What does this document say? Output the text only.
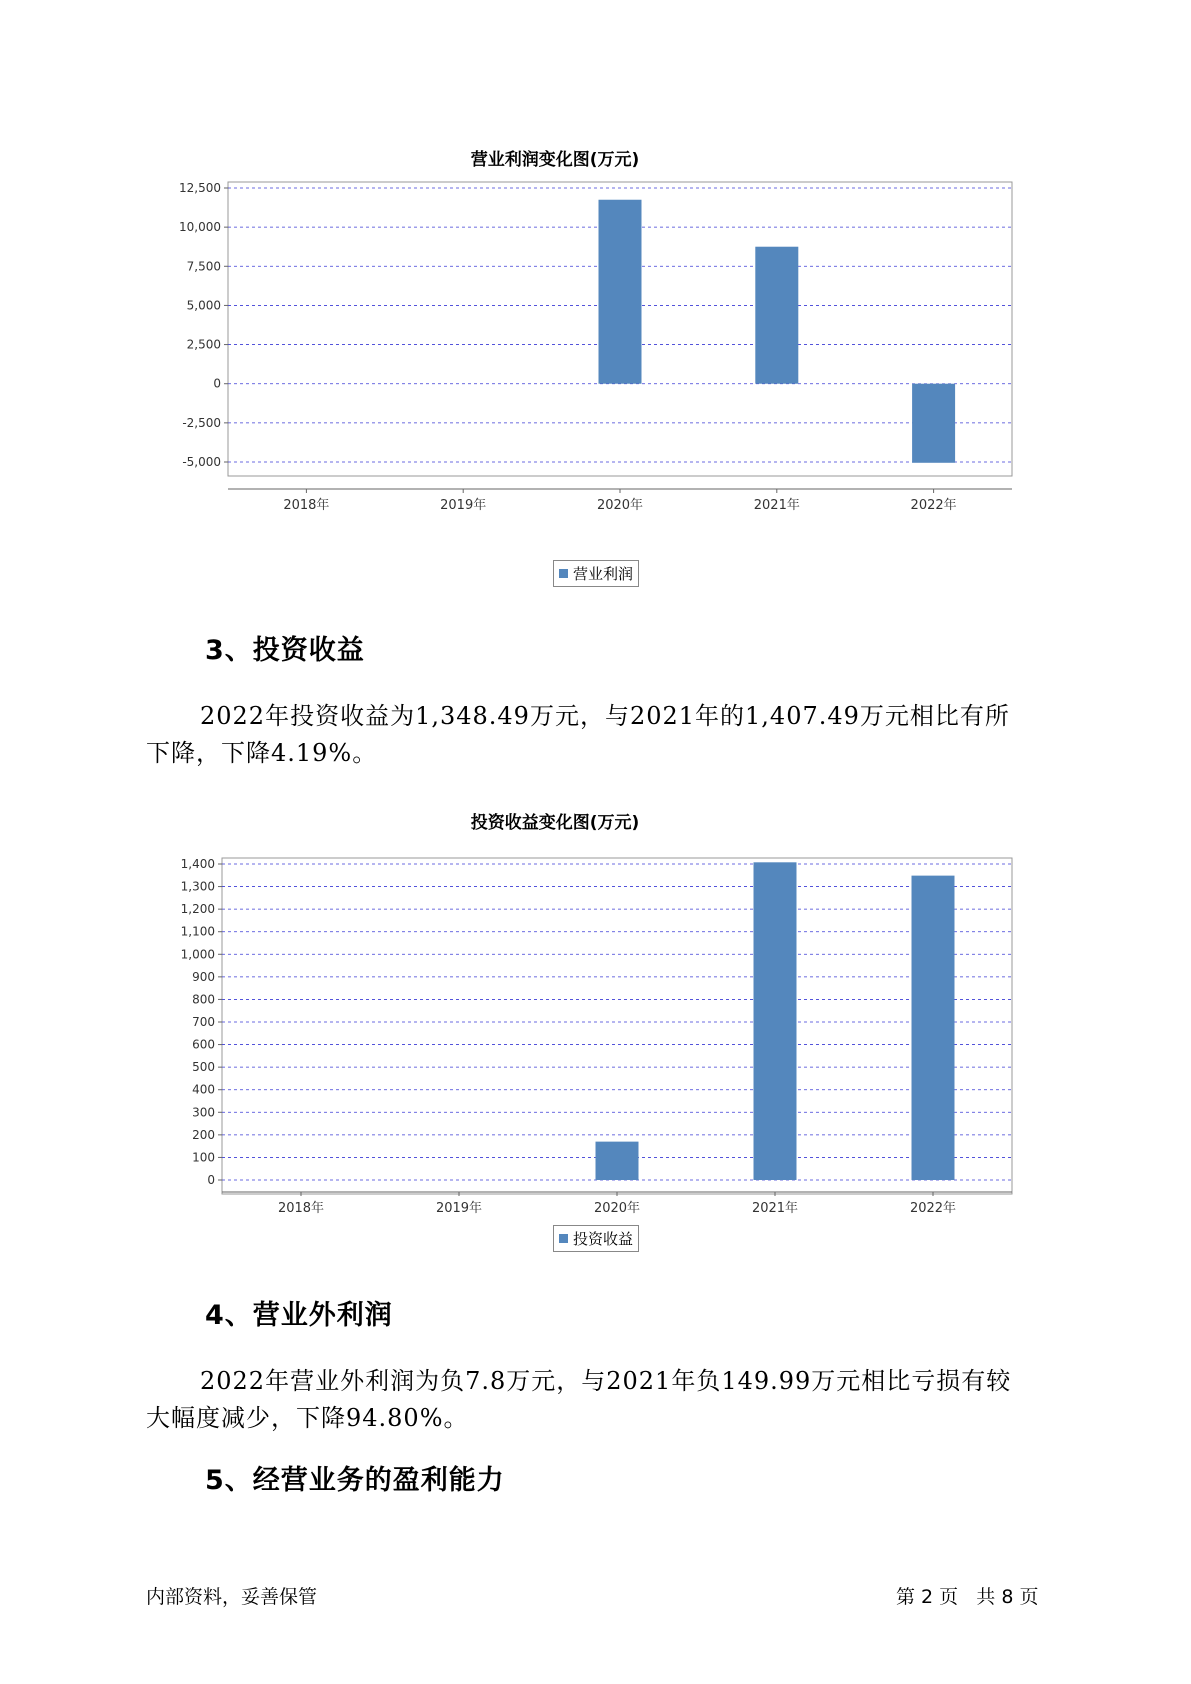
营业利润变化图(万元)
12,500
10,000
7,500
5,000
2,500
0
-2,500
-5,000
2018年	2019年	2020年	2021年	2022年
营业利润
3、投资收益
2022年投资收益为1,348.49万元，与2021年的1,407.49万元相比有所
下降，下降4.19%。
投资收益变化图(万元)
1,400
1,300
1,200
1,100
1,000
900
800
700
600
500
400
300
200
100
0
2018年	2019年	2020年	2021年	2022年
投资收益
4、营业外利润
2022年营业外利润为负7.8万元，与2021年负149.99万元相比亏损有较
大幅度减少，下降94.80%。
5、经营业务的盈利能力
内部资料，妥善保管	第 2 页   共 8 页
